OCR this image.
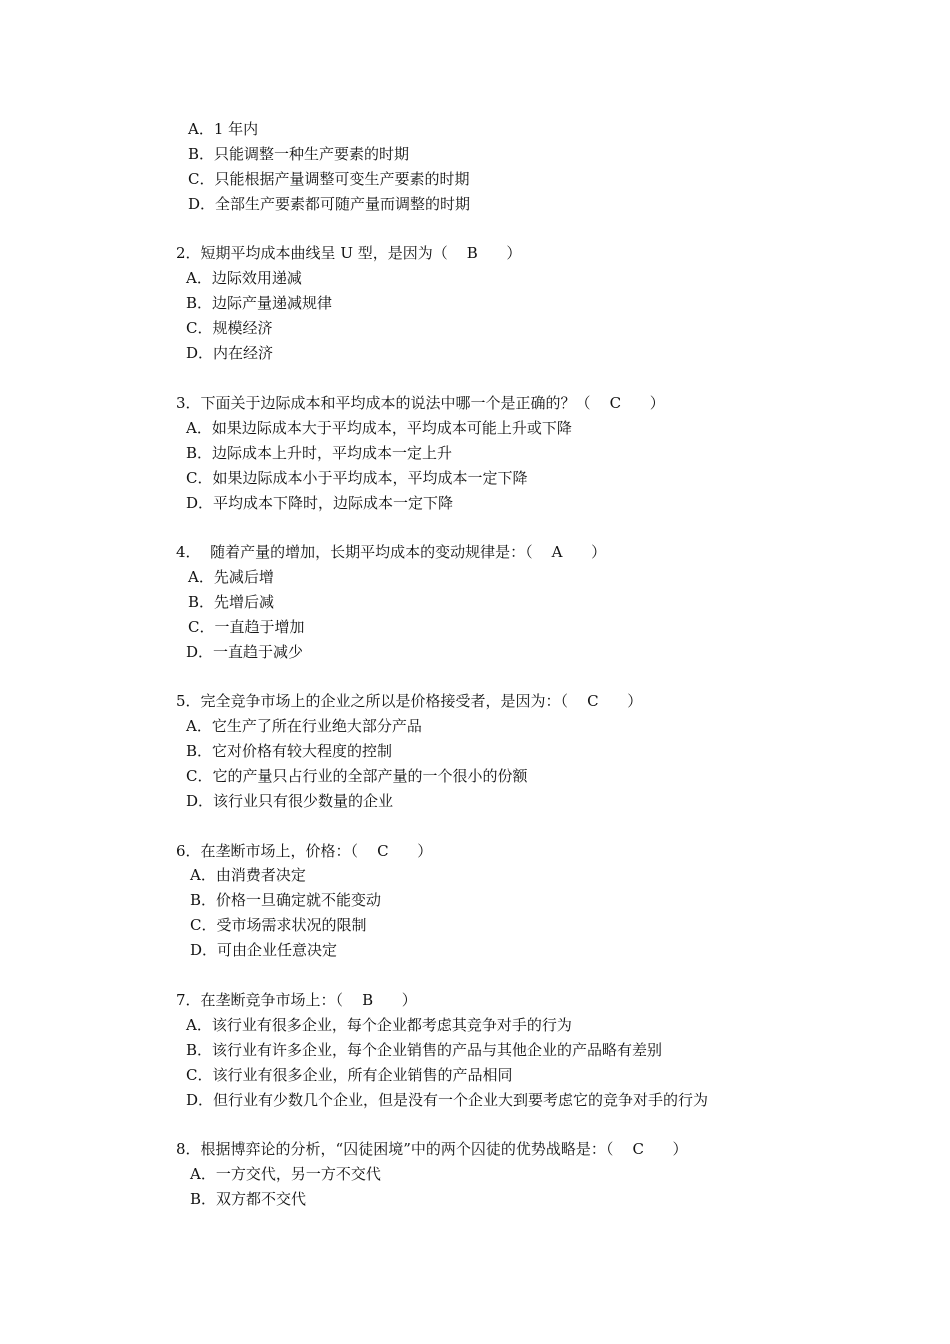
A．1 年内
B．只能调整一种生产要素的时期
C．只能根据产量调整可变生产要素的时期
D．全部生产要素都可随产量而调整的时期
2．短期平均成本曲线呈 U 型，是因为（    B      ）
A．边际效用递减
B．边际产量递减规律
C．规模经济
D．内在经济
3．下面关于边际成本和平均成本的说法中哪一个是正确的？（    C      ）
A．如果边际成本大于平均成本，平均成本可能上升或下降
B．边际成本上升时，平均成本一定上升
C．如果边际成本小于平均成本，平均成本一定下降
D．平均成本下降时，边际成本一定下降
4．  随着产量的增加，长期平均成本的变动规律是：（    A      ）
A．先减后增
B．先增后减
C．一直趋于增加
D．一直趋于减少
5．完全竞争市场上的企业之所以是价格接受者，是因为：（    C      ）
A．它生产了所在行业绝大部分产品
B．它对价格有较大程度的控制
C．它的产量只占行业的全部产量的一个很小的份额
D．该行业只有很少数量的企业
6．在垄断市场上，价格：（    C      ）
A．由消费者决定
B．价格一旦确定就不能变动
C．受市场需求状况的限制
D．可由企业任意决定
7．在垄断竞争市场上：（    B      ）
A．该行业有很多企业，每个企业都考虑其竞争对手的行为
B．该行业有许多企业，每个企业销售的产品与其他企业的产品略有差别
C．该行业有很多企业，所有企业销售的产品相同
D．但行业有少数几个企业，但是没有一个企业大到要考虑它的竞争对手的行为
8．根据博弈论的分析，“囚徒困境”中的两个囚徒的优势战略是：（    C      ）
A．一方交代，另一方不交代
B．双方都不交代
